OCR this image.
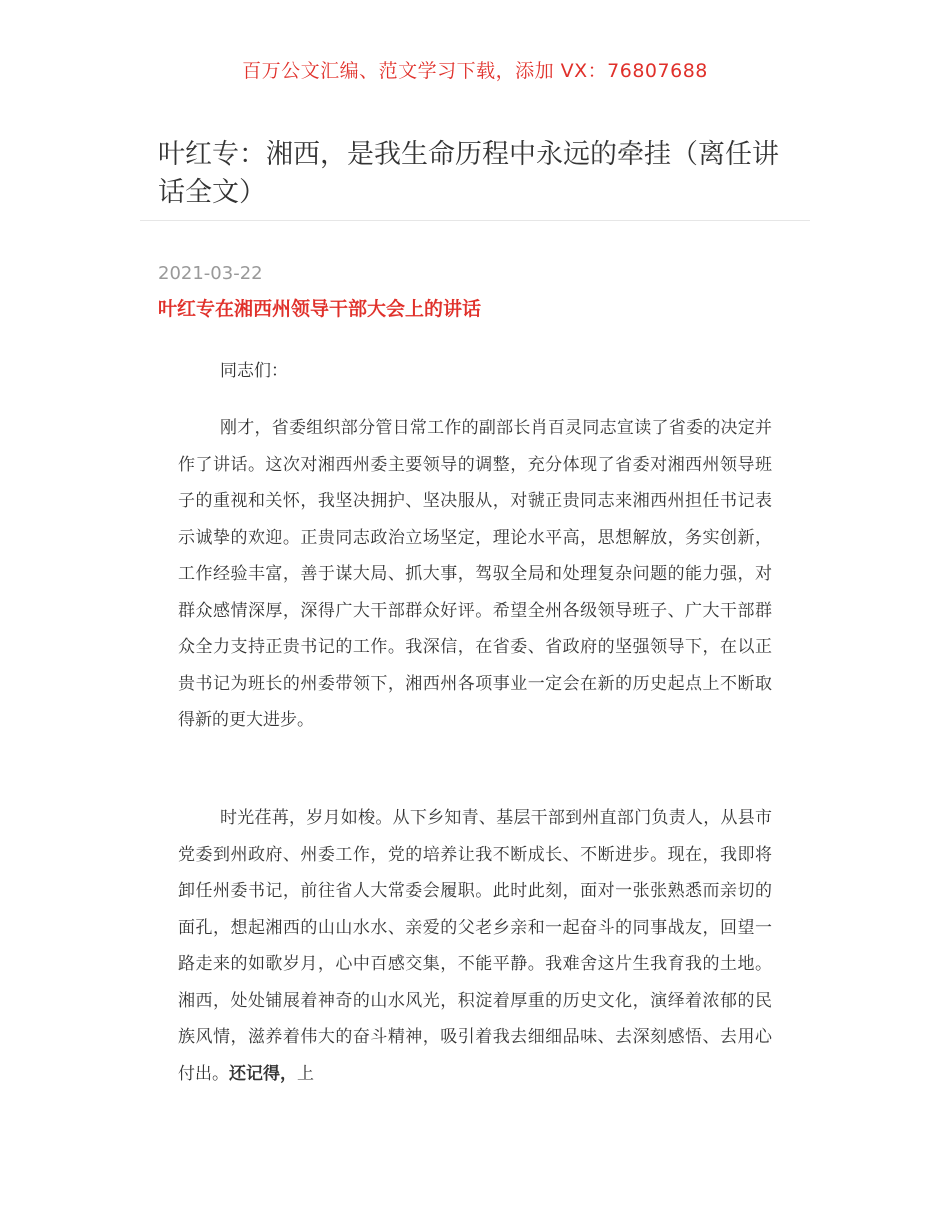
百万公文汇编、范文学习下载，添加 VX：76807688
叶红专：湘西，是我生命历程中永远的牵挂（离任讲话全文）
2021-03-22
叶红专在湘西州领导干部大会上的讲话
同志们：

刚才，省委组织部分管日常工作的副部长肖百灵同志宣读了省委的决定并作了讲话。这次对湘西州委主要领导的调整，充分体现了省委对湘西州领导班子的重视和关怀，我坚决拥护、坚决服从，对虢正贵同志来湘西州担任书记表示诚挚的欢迎。正贵同志政治立场坚定，理论水平高，思想解放，务实创新，工作经验丰富，善于谋大局、抓大事，驾驭全局和处理复杂问题的能力强，对群众感情深厚，深得广大干部群众好评。希望全州各级领导班子、广大干部群众全力支持正贵书记的工作。我深信，在省委、省政府的坚强领导下，在以正贵书记为班长的州委带领下，湘西州各项事业一定会在新的历史起点上不断取得新的更大进步。

时光荏苒，岁月如梭。从下乡知青、基层干部到州直部门负责人，从县市党委到州政府、州委工作，党的培养让我不断成长、不断进步。现在，我即将卸任州委书记，前往省人大常委会履职。此时此刻，面对一张张熟悉而亲切的面孔，想起湘西的山山水水、亲爱的父老乡亲和一起奋斗的同事战友，回望一路走来的如歌岁月，心中百感交集，不能平静。我难舍这片生我育我的土地。湘西，处处铺展着神奇的山水风光，积淀着厚重的历史文化，演绎着浓郁的民族风情，滋养着伟大的奋斗精神，吸引着我去细细品味、去深刻感悟、去用心付出。还记得，上
